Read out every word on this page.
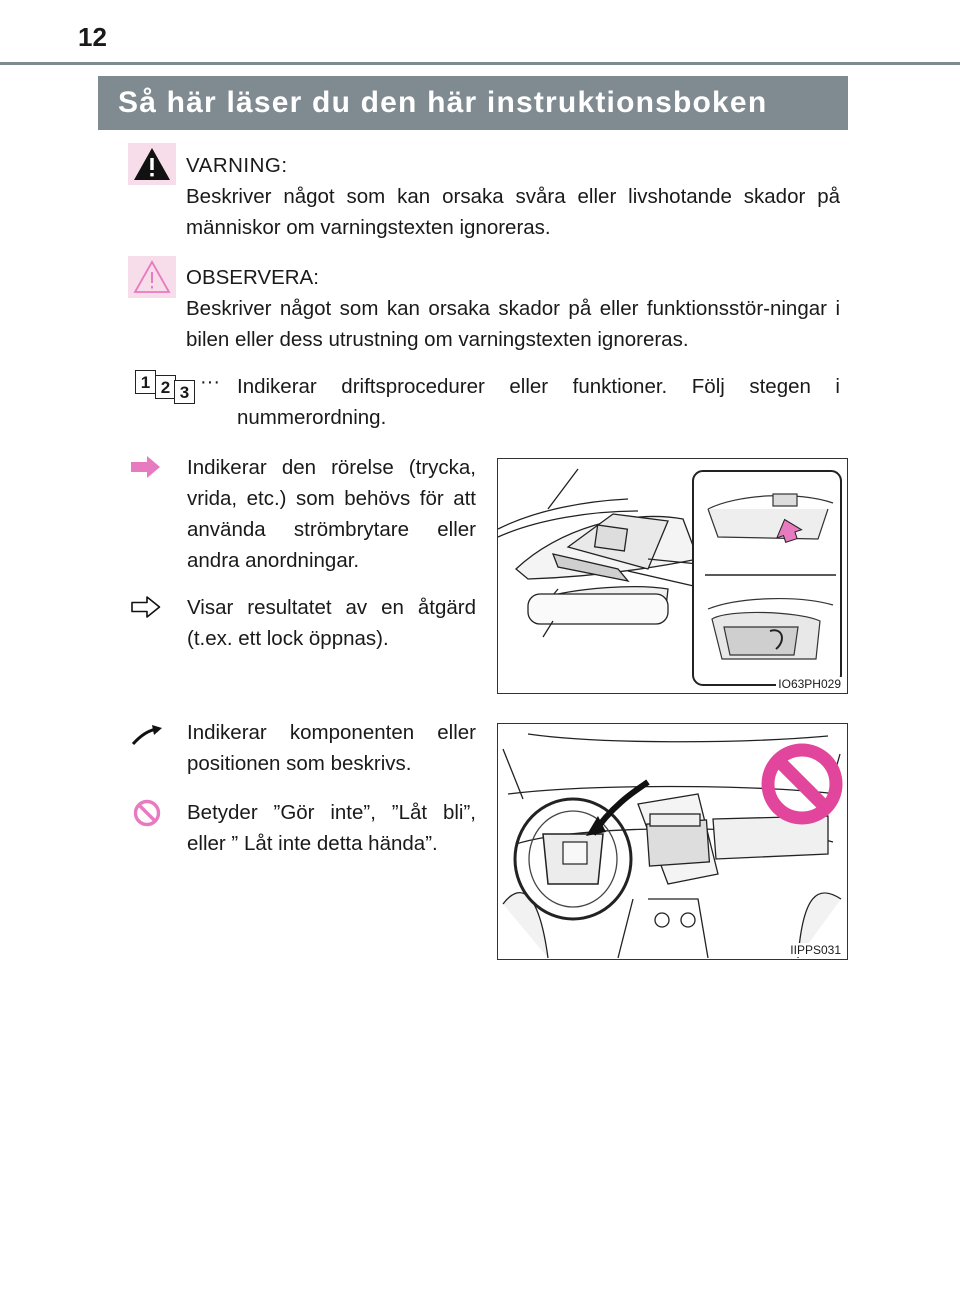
12
Så här läser du den här instruktionsboken
VARNING:
Beskriver något som kan orsaka svåra eller livshotande skador på människor om varningstexten ignoreras.
OBSERVERA:
Beskriver något som kan orsaka skador på eller funktionsstör-ningar i bilen eller dess utrustning om varningstexten ignoreras.
1 2 3 ··· Indikerar driftsprocedurer eller funktioner. Följ stegen i nummerordning.
Indikerar den rörelse (trycka, vrida, etc.) som behövs för att använda strömbrytare eller andra anordningar.
Visar resultatet av en åtgärd (t.ex. ett lock öppnas).
IO63PH029
Indikerar komponenten eller positionen som beskrivs.
Betyder ”Gör inte”, ”Låt bli”, eller ” Låt inte detta hända”.
IIPPS031
